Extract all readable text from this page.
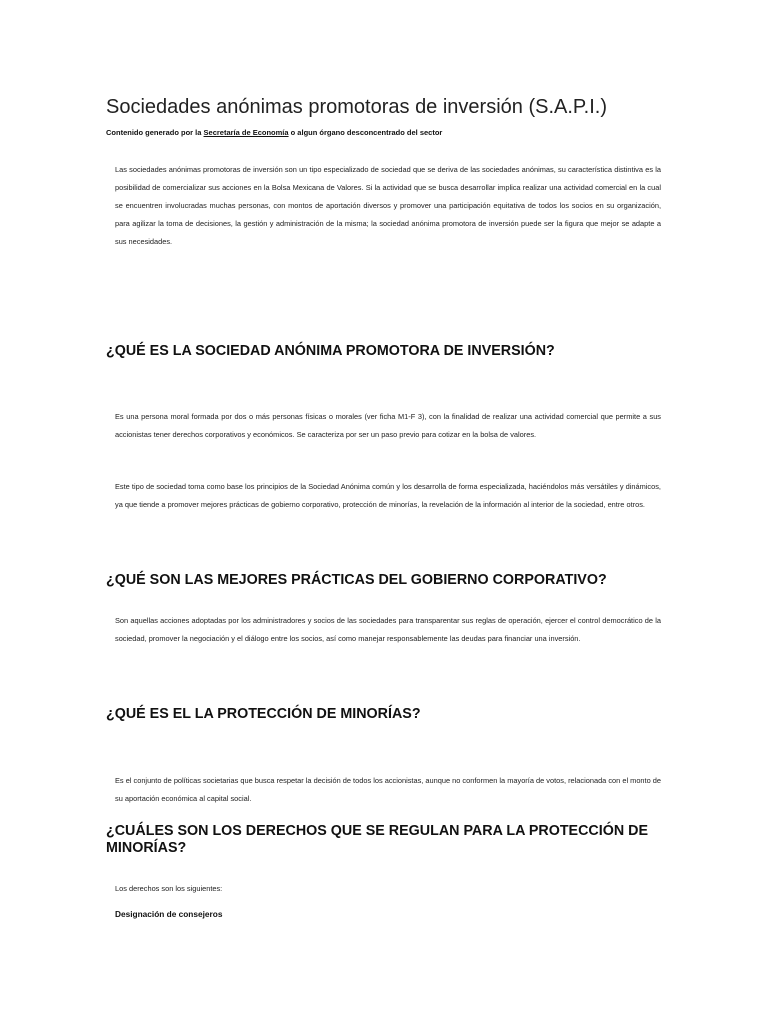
Sociedades anónimas promotoras de inversión (S.A.P.I.)
Contenido generado por la Secretaría de Economía o algun órgano desconcentrado del sector

Las sociedades anónimas promotoras de inversión son un tipo especializado de sociedad que se deriva de las sociedades anónimas, su característica distintiva es la posibilidad de comercializar sus acciones en la Bolsa Mexicana de Valores. Si la actividad que se busca desarrollar implica realizar una actividad comercial en la cual se encuentren involucradas muchas personas, con montos de aportación diversos y promover una participación equitativa de todos los socios en su organización, para agilizar la toma de decisiones, la gestión y administración de la misma; la sociedad anónima promotora de inversión puede ser la figura que mejor se adapte a sus necesidades.

¿QUÉ ES LA SOCIEDAD ANÓNIMA PROMOTORA DE INVERSIÓN?

Es una persona moral formada por dos o más personas físicas o morales (ver ficha M1-F 3), con la finalidad de realizar una actividad comercial que permite a sus accionistas tener derechos corporativos y económicos. Se caracteriza por ser un paso previo para cotizar en la bolsa de valores.

Este tipo de sociedad toma como base los principios de la Sociedad Anónima común y los desarrolla de forma especializada, haciéndolos más versátiles y dinámicos, ya que tiende a promover mejores prácticas de gobierno corporativo, protección de minorías, la revelación de la información al interior de la sociedad, entre otros.

¿QUÉ SON LAS MEJORES PRÁCTICAS DEL GOBIERNO CORPORATIVO?

Son aquellas acciones adoptadas por los administradores y socios de las sociedades para transparentar sus reglas de operación, ejercer el control democrático de la sociedad, promover la negociación y el diálogo entre los socios, así como manejar responsablemente las deudas para financiar una inversión.

¿QUÉ ES EL LA PROTECCIÓN DE MINORÍAS?

Es el conjunto de políticas societarias que busca respetar la decisión de todos los accionistas, aunque no conformen la mayoría de votos, relacionada con el monto de su aportación económica al capital social.

¿CUÁLES SON LOS DERECHOS QUE SE REGULAN PARA LA PROTECCIÓN DE MINORÍAS?

Los derechos son los siguientes:

Designación de consejeros
